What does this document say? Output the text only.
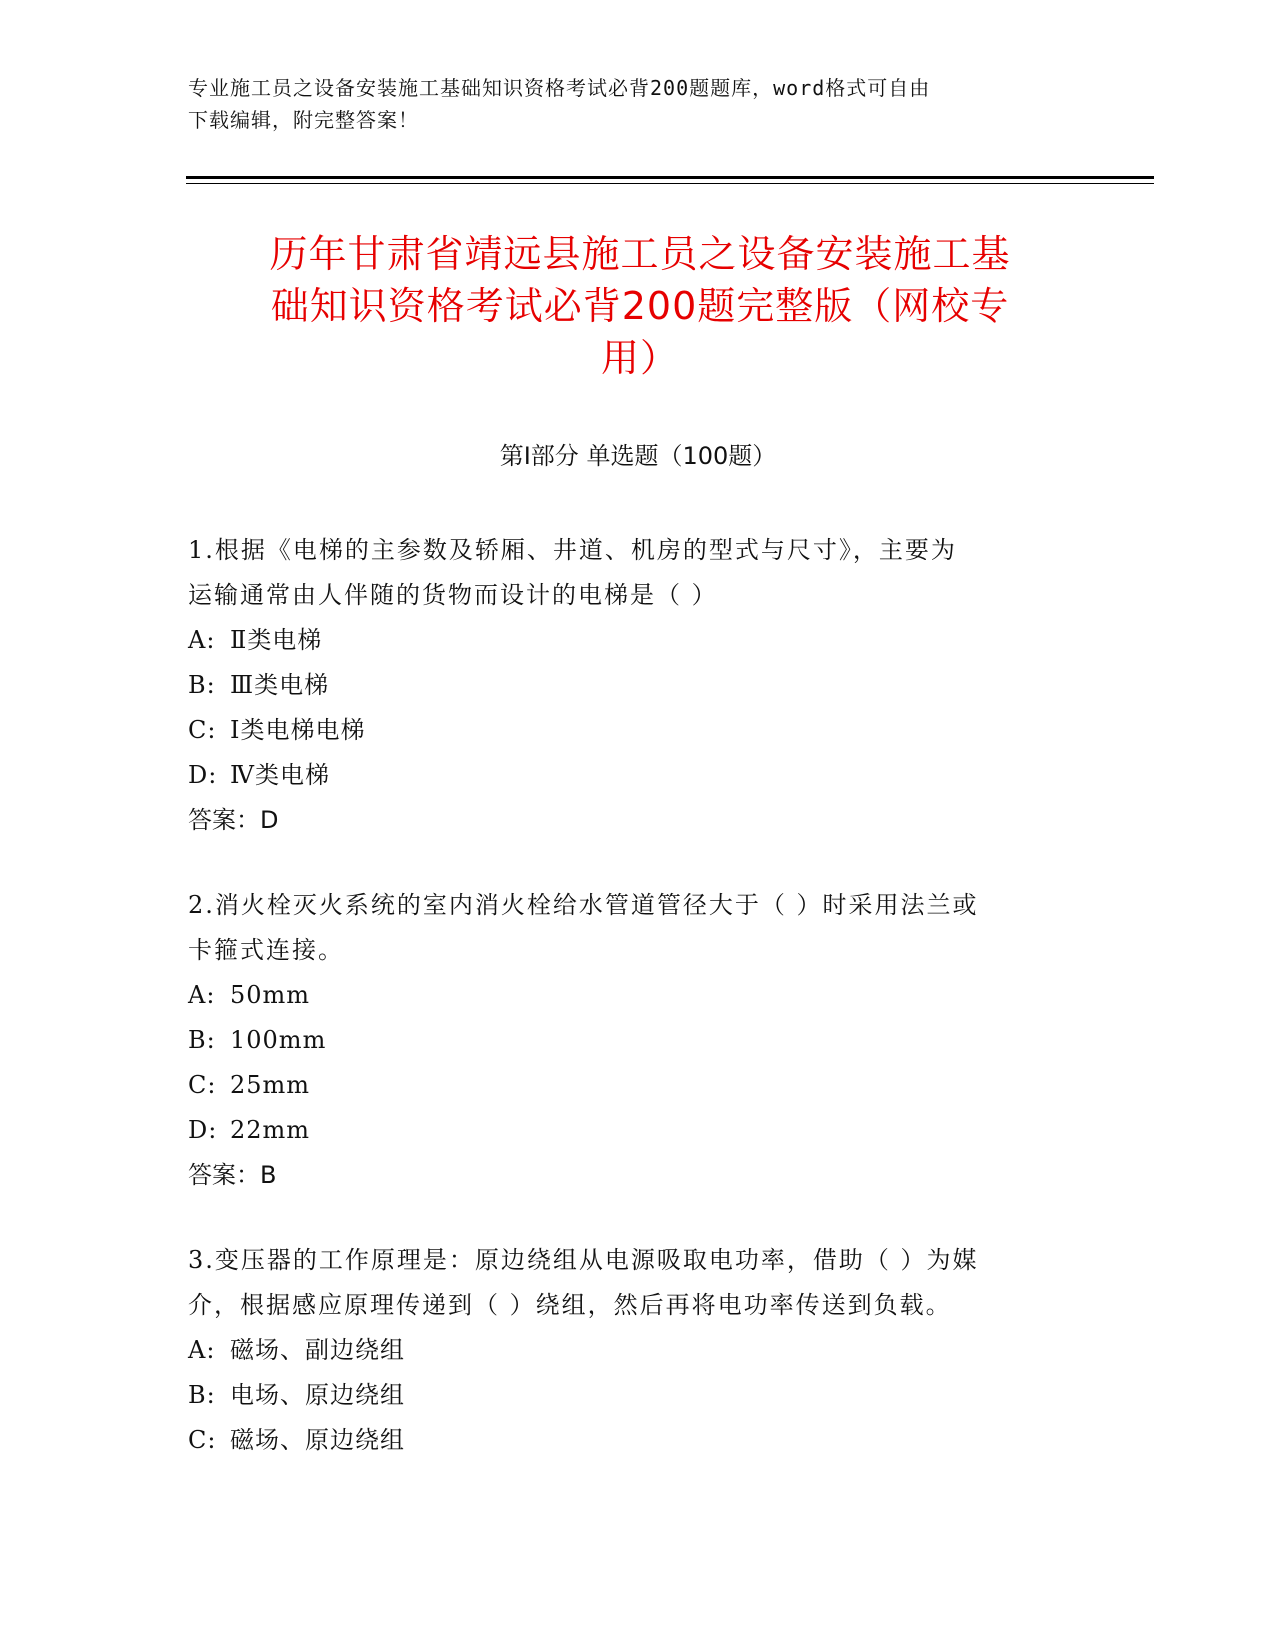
专业施工员之设备安装施工基础知识资格考试必背200题题库，word格式可自由
下载编辑，附完整答案！
历年甘肃省靖远县施工员之设备安装施工基
础知识资格考试必背200题完整版（网校专
用）
第Ⅰ部分 单选题（100题）

1.根据《电梯的主参数及轿厢、井道、机房的型式与尺寸》，主要为
运输通常由人伴随的货物而设计的电梯是（ ）

A: Ⅱ类电梯
B: Ⅲ类电梯
C: Ⅰ类电梯电梯
D: Ⅳ类电梯

答案：D

2.消火栓灭火系统的室内消火栓给水管道管径大于（ ）时采用法兰或
卡箍式连接。

A: 50mm
B: 100mm
C: 25mm
D: 22mm

答案：B

3.变压器的工作原理是：原边绕组从电源吸取电功率，借助（ ）为媒
介，根据感应原理传递到（ ）绕组，然后再将电功率传送到负载。

A: 磁场、副边绕组
B: 电场、原边绕组
C: 磁场、原边绕组
